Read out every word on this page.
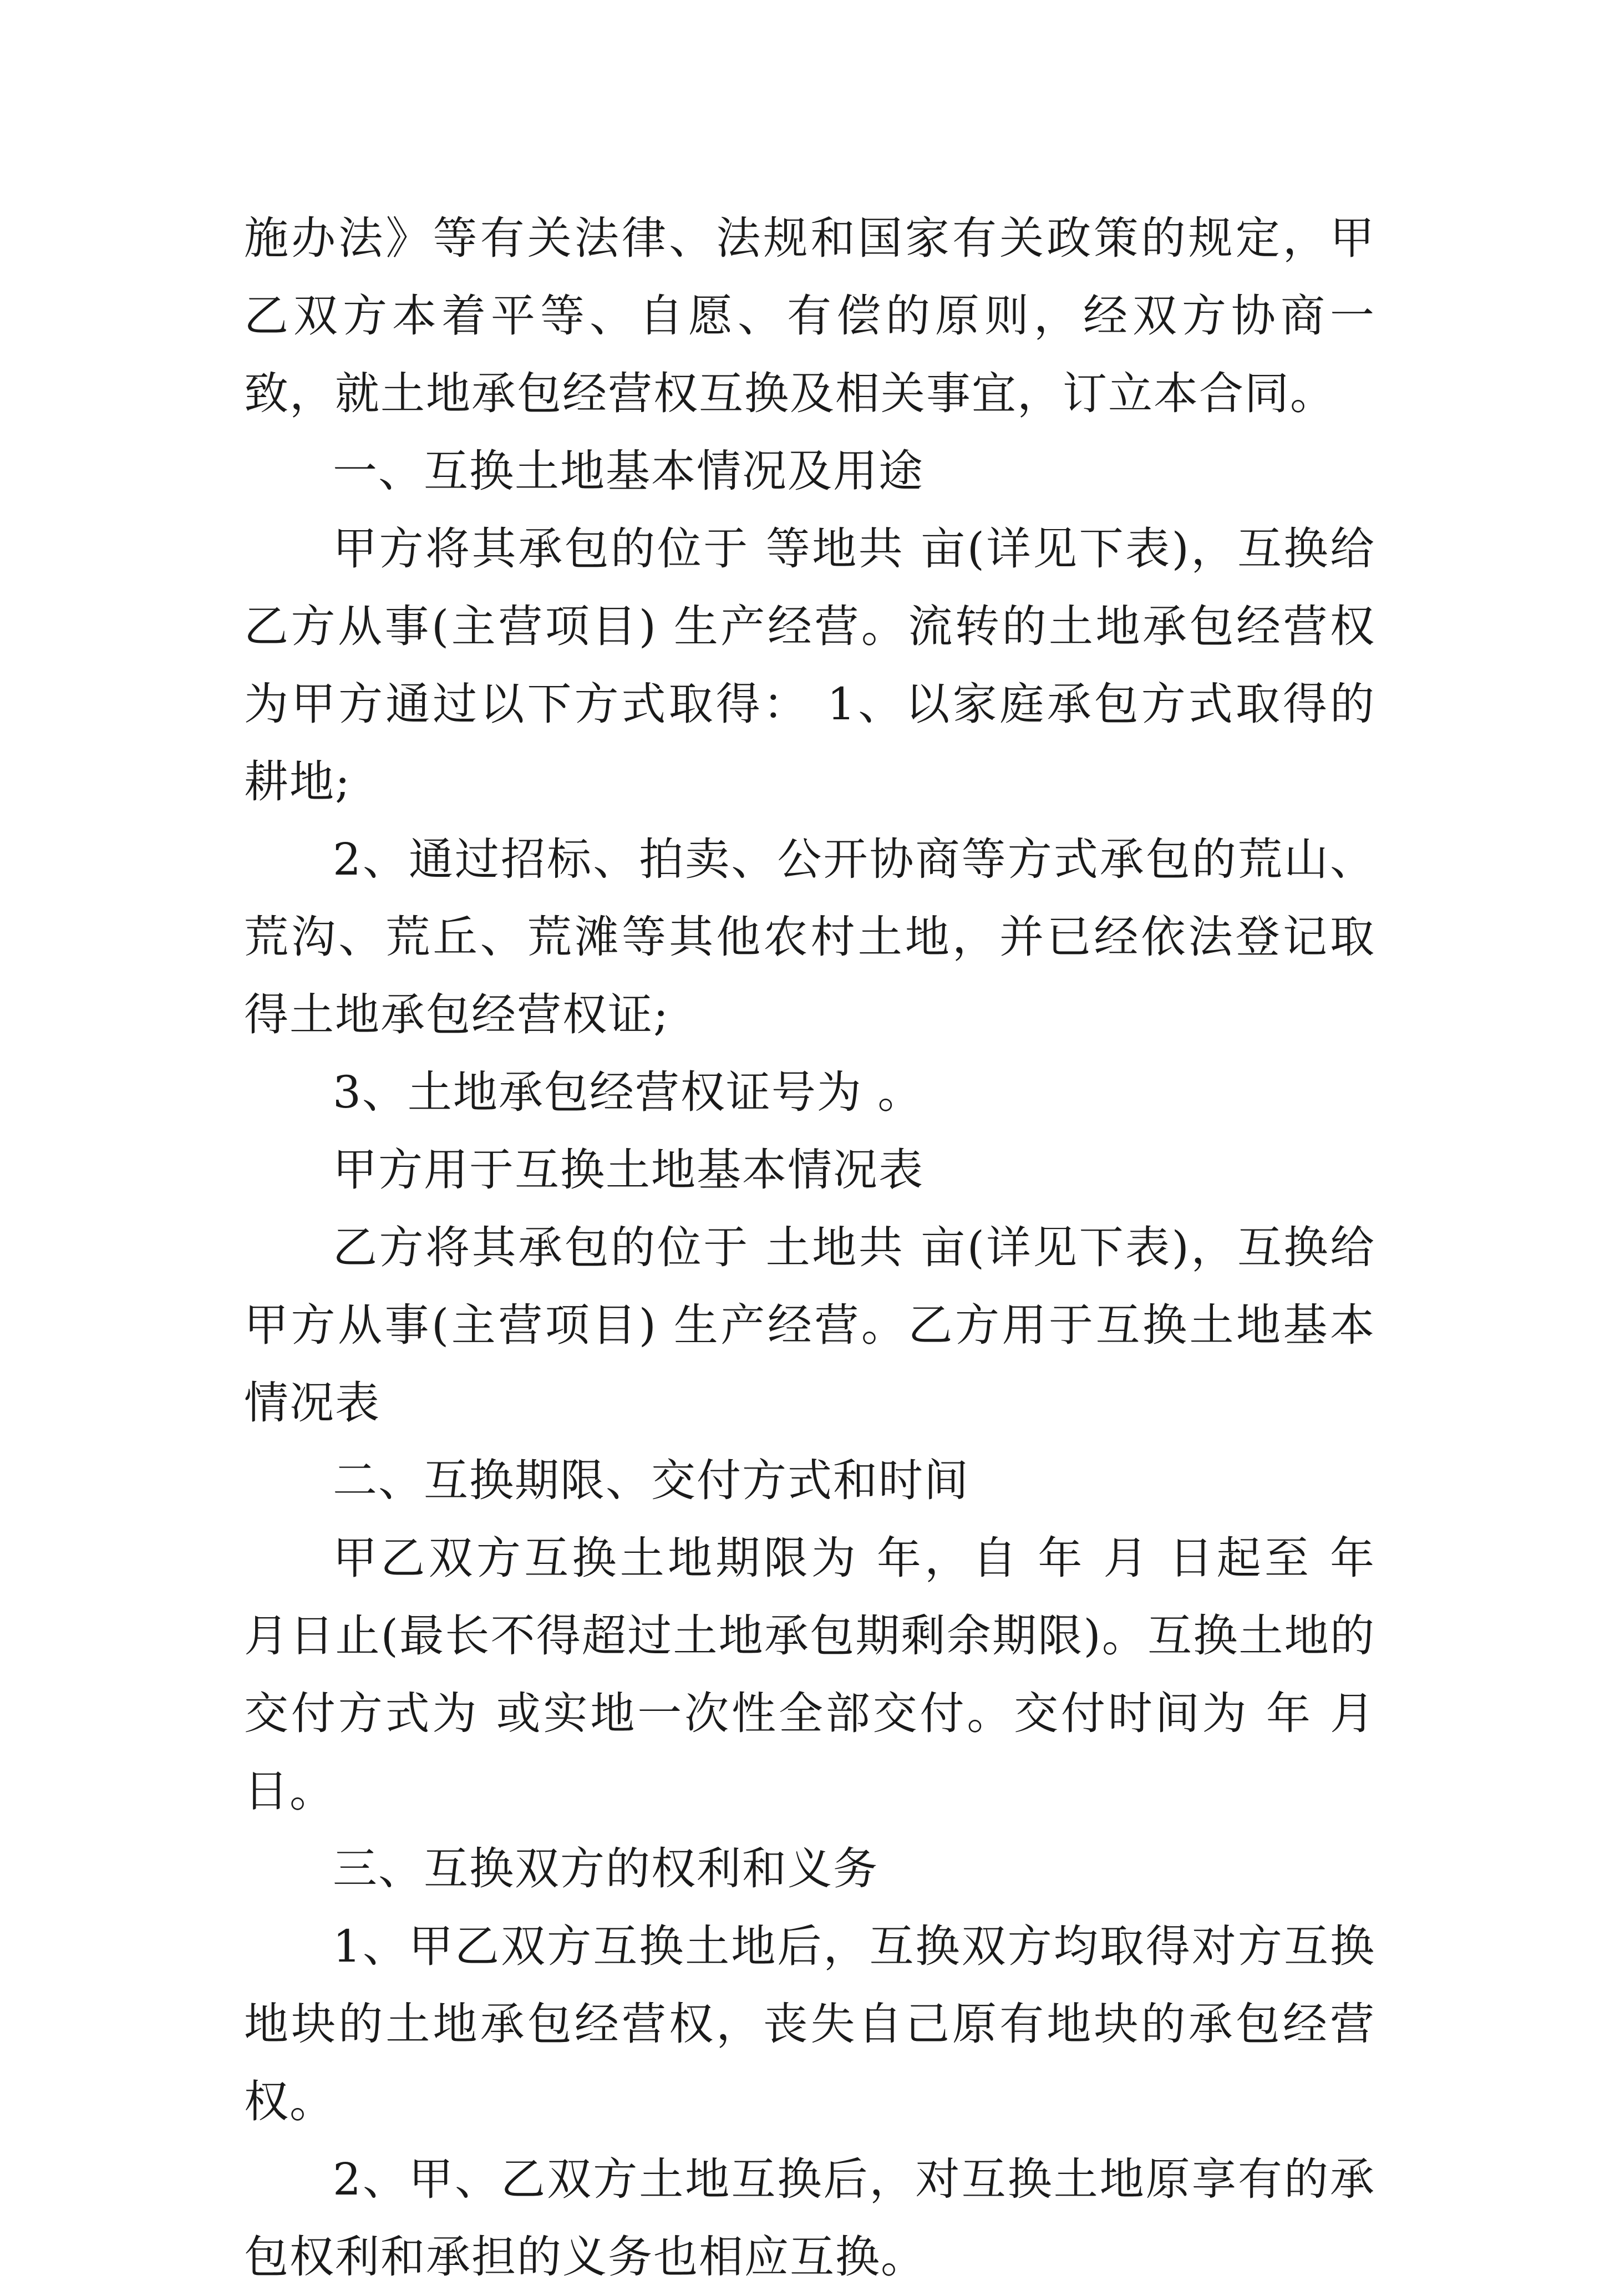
施办法》等有关法律、法规和国家有关政策的规定，甲乙双方本着平等、自愿、有偿的原则，经双方协商一致，就土地承包经营权互换及相关事宜，订立本合同。

一、互换土地基本情况及用途

甲方将其承包的位于 等地共 亩(详见下表)，互换给乙方从事(主营项目) 生产经营。流转的土地承包经营权为甲方通过以下方式取得： 1、以家庭承包方式取得的耕地;

2、通过招标、拍卖、公开协商等方式承包的荒山、荒沟、荒丘、荒滩等其他农村土地，并已经依法登记取得土地承包经营权证;

3、土地承包经营权证号为 。

甲方用于互换土地基本情况表

乙方将其承包的位于 土地共 亩(详见下表)，互换给甲方从事(主营项目) 生产经营。乙方用于互换土地基本情况表

二、互换期限、交付方式和时间

甲乙双方互换土地期限为 年，自 年 月 日起至 年 月日止(最长不得超过土地承包期剩余期限)。互换土地的交付方式为 或实地一次性全部交付。交付时间为 年 月 日。

三、互换双方的权利和义务

1、甲乙双方互换土地后，互换双方均取得对方互换地块的土地承包经营权，丧失自己原有地块的承包经营权。

2、甲、乙双方土地互换后，对互换土地原享有的承包权利和承担的义务也相应互换。
